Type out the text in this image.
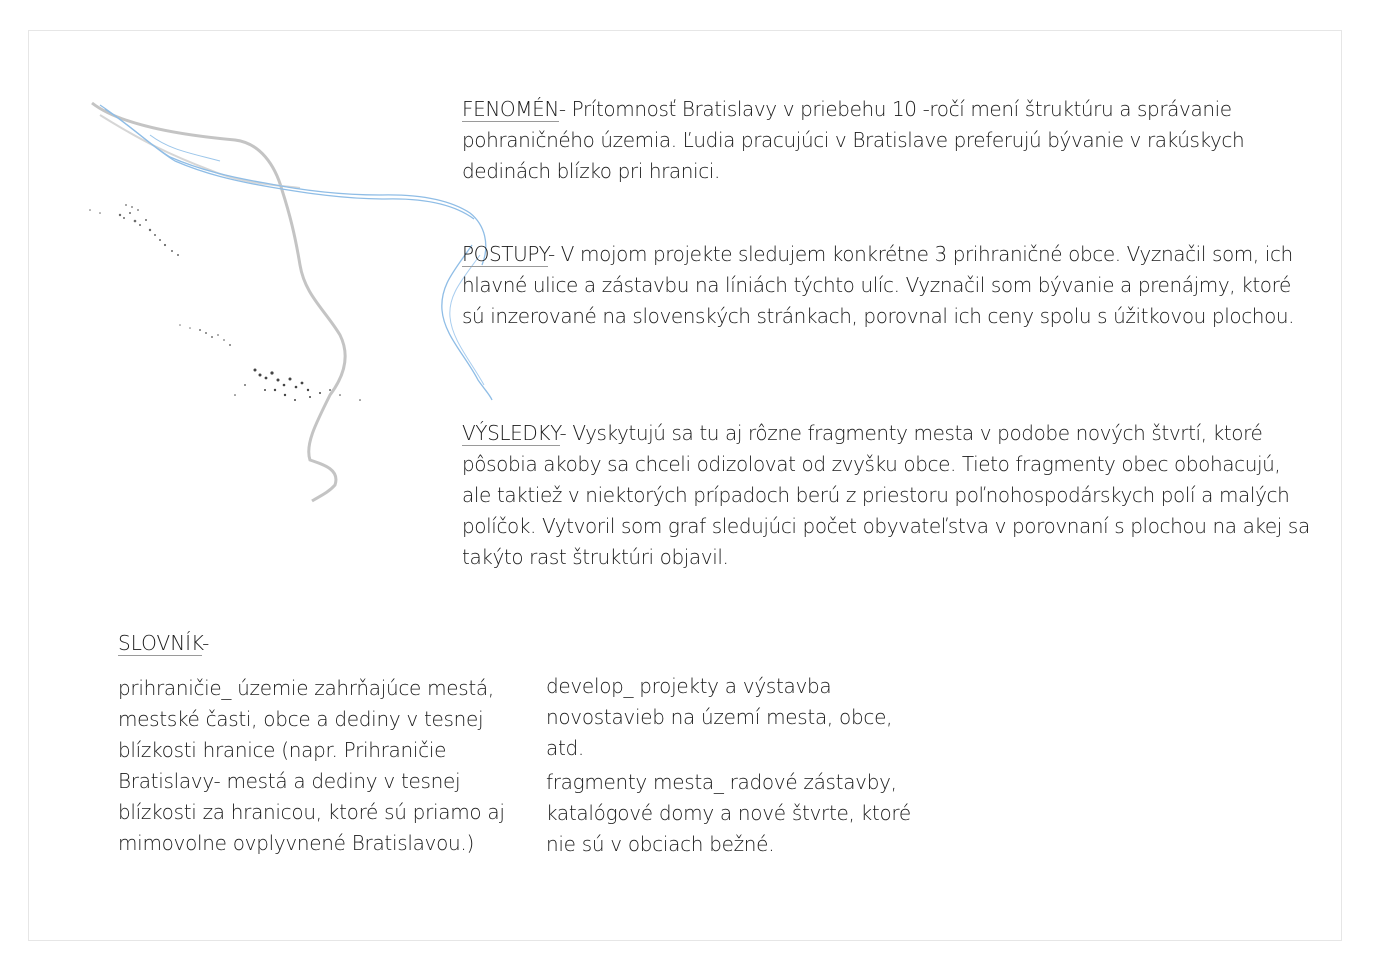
FENOMÉN- Prítomnosť Bratislavy v priebehu 10 -ročí mení štruktúru a správanie pohraničného územia. Ľudia pracujúci v Bratislave preferujú bývanie v rakúskych dedinách blízko pri hranici.
POSTUPY- V mojom projekte sledujem konkrétne 3 prihraničné obce. Vyznačil som, ich hlavné ulice a zástavbu na líniách týchto ulíc. Vyznačil som bývanie a prenájmy, ktoré sú inzerované na slovenských stránkach, porovnal ich ceny spolu s úžitkovou plochou.
VÝSLEDKY- Vyskytujú sa tu aj rôzne fragmenty mesta v podobe nových štvrtí, ktoré pôsobia akoby sa chceli odizolovat od zvyšku obce. Tieto fragmenty obec obohacujú, ale taktiež v niektorých prípadoch berú z priestoru poľnohospodárskych polí a malých políčok. Vytvoril som graf sledujúci počet obyvateľstva v porovnaní s plochou na akej sa takýto rast štruktúri objavil.
SLOVNÍK-
prihraničie_ územie zahrňajúce mestá, mestské časti, obce a dediny v tesnej blízkosti hranice (napr. Prihraničie Bratislavy- mestá a dediny v tesnej blízkosti za hranicou, ktoré sú priamo aj mimovolne ovplyvnené Bratislavou.)
develop_ projekty a výstavba novostavieb na území mesta, obce, atd.
fragmenty mesta_ radové zástavby, katalógové domy a nové štvrte, ktoré nie sú v obciach bežné.
